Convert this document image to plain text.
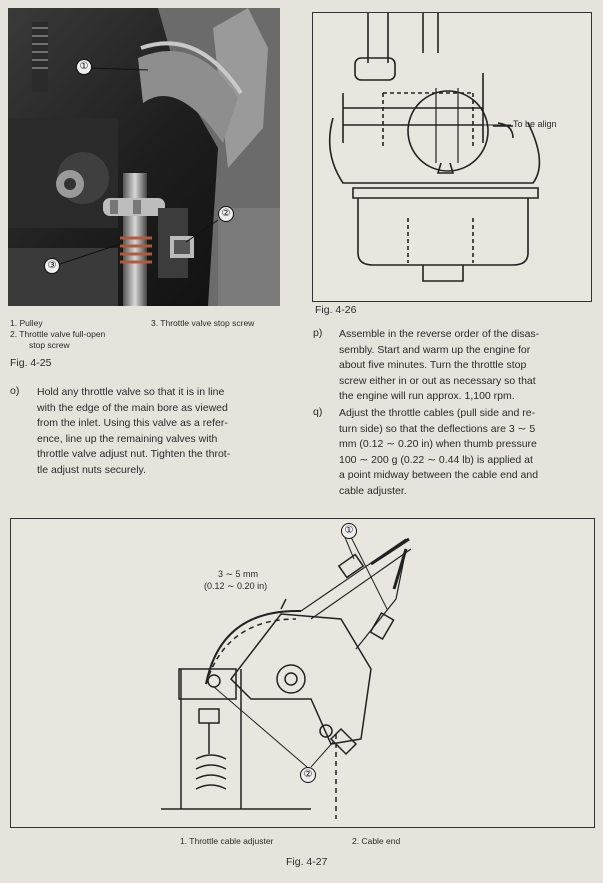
①
②
③
1. Pulley
2. Throttle valve full-open
stop screw
3. Throttle valve stop screw
Fig. 4-25
To be align
Fig. 4-26
o) Hold any throttle valve so that it is in line
with the edge of the main bore as viewed
from the inlet. Using this valve as a refer-
ence, line up the remaining valves with
throttle valve adjust nut. Tighten the throt-
tle adjust nuts securely.
p) Assemble in the reverse order of the disas-
sembly. Start and warm up the engine for
about five minutes. Turn the throttle stop
screw either in or out as necessary so that
the engine will run approx. 1,100 rpm.
q) Adjust the throttle cables (pull side and re-
turn side) so that the deflections are 3 ∼ 5
mm (0.12 ∼ 0.20 in) when thumb pressure
100 ∼ 200 g (0.22 ∼ 0.44 lb) is applied at
a point midway between the cable end and
cable adjuster.
①
②
3 ∼ 5 mm
(0.12 ∼ 0.20 in)
1. Throttle cable adjuster	2. Cable end
Fig. 4-27
